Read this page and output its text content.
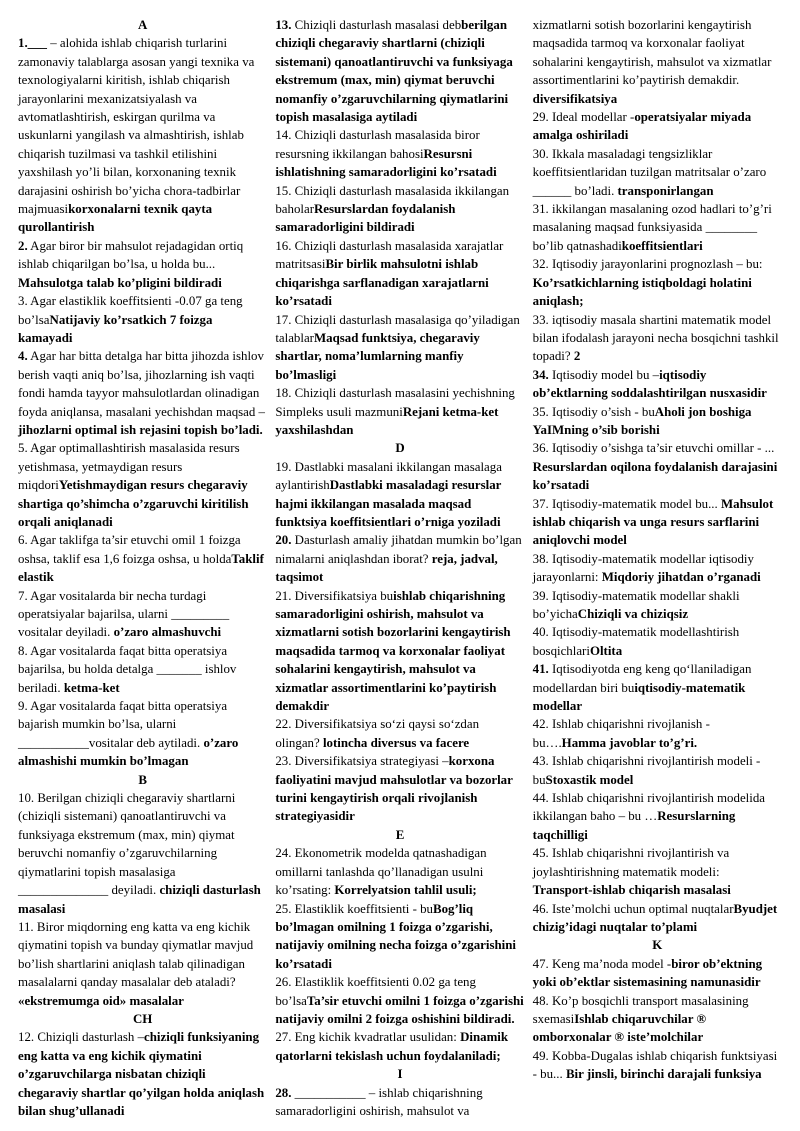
A

1.___ – alohida ishlab chiqarish turlarini zamonaviy talablarga asosan yangi texnika va texnologiyalarni kiritish, ishlab chiqarish jarayonlarini mexanizatsiyalash va avtomatlashtirish, eskirgan qurilma va uskunlarni yangilash va almashtirish, ishlab chiqarish tuzilmasi va tashkil etilishini yaxshilash yo’li bilan, korxonaning texnik darajasini oshirish bo’yicha chora-tadbirlar majmuasikorxonalarni texnik qayta qurollantirish

2. Agar biror bir mahsulot rejadagidan ortiq ishlab chiqarilgan bo’lsa, u holda bu... Mahsulotga talab ko’pligini bildiradi

3. Agar elastiklik koeffitsienti -0.07 ga teng bo’lsaNatijaviy ko’rsatkich 7 foizga kamayadi

4. Agar har bitta detalga har bitta jihozda ishlov berish vaqti aniq bo’lsa, jihozlarning ish vaqti fondi hamda tayyor mahsulotlardan olinadigan foyda aniqlansa, masalani yechishdan maqsad –jihozlarni optimal ish rejasini topish bo’ladi.

5. Agar optimallashtirish masalasida resurs yetishmasa, yetmaydigan resurs miqdoriYetishmaydigan resurs chegaraviy shartiga qo’shimcha o’zgaruvchi kiritilish orqali aniqlanadi

6. Agar taklifga ta’sir etuvchi omil 1 foizga oshsa, taklif esa 1,6 foizga oshsa, u holdaTaklif elastik

7. Agar vositalarda bir necha turdagi operatsiyalar bajarilsa, ularni _________ vositalar deyiladi. o’zaro almashuvchi

8. Agar vositalarda faqat bitta operatsiya bajarilsa, bu holda detalga _______ ishlov beriladi. ketma-ket

9. Agar vositalarda faqat bitta operatsiya bajarish mumkin bo’lsa, ularni ___________vositalar deb aytiladi. o’zaro almashishi mumkin bo’lmagan

B

10. Berilgan chiziqli chegaraviy shartlarni (chiziqli sistemani) qanoatlantiruvchi va funksiyaga ekstremum (max, min) qiymat beruvchi nomanfiy o’zgaruvchilarning qiymatlarini topish masalasiga ______________ deyiladi. chiziqli dasturlash masalasi

11. Biror miqdorning eng katta va eng kichik qiymatini topish va bunday qiymatlar mavjud bo’lish shartlarini aniqlash talab qilinadigan masalalarni qanday masalalar deb ataladi? «ekstremumga oid» masalalar

CH

12. Chiziqli dasturlash –chiziqli funksiyaning eng katta va eng kichik qiymatini o’zgaruvchilarga nisbatan chiziqli chegaraviy shartlar qo’yilgan holda aniqlash bilan shug’ullanadi

13. Chiziqli dasturlash masalasi debberilgan chiziqli chegaraviy shartlarni (chiziqli sistemani) qanoatlantiruvchi va funksiyaga ekstremum (max, min) qiymat beruvchi nomanfiy o’zgaruvchilarning qiymatlarini topish masalasiga aytiladi

14. Chiziqli dasturlash masalasida biror resursning ikkilangan bahosiResursni ishlatishning samaradorligini ko’rsatadi

15. Chiziqli dasturlash masalasida ikkilangan baholarResurslardan foydalanish samaradorligini bildiradi

16. Chiziqli dasturlash masalasida xarajatlar matritsasiBir birlik mahsulotni ishlab chiqarishga sarflanadigan xarajatlarni ko’rsatadi

17. Chiziqli dasturlash masalasiga qo’yiladigan talablarMaqsad funktsiya, chegaraviy shartlar, noma’lumlarning manfiy bo’lmasligi

18. Chiziqli dasturlash masalasini yechishning Simpleks usuli mazmuniRejani ketma-ket yaxshilashdan

D

19. Dastlabki masalani ikkilangan masalaga aylantirishDastlabki masaladagi resurslar hajmi ikkilangan masalada maqsad funktsiya koeffitsientlari o’rniga yoziladi

20. Dasturlash amaliy jihatdan mumkin bo’lgan nimalarni aniqlashdan iborat? reja, jadval, taqsimot

21. Diversifikatsiya buishlab chiqarishning samaradorligini oshirish, mahsulot va xizmatlarni sotish bozorlarini kengaytirish maqsadida tarmoq va korxonalar faoliyat sohalarini kengaytirish, mahsulot va xizmatlar assortimentlarini ko’paytirish demakdir

22. Diversifikatsiya so‘zi qaysi so‘zdan olingan? lotincha diversus va facere

23. Diversifikatsiya strategiyasi –korxona faoliyatini mavjud mahsulotlar va bozorlar turini kengaytirish orqali rivojlanish strategiyasidir

E

24. Ekonometrik modelda qatnashadigan omillarni tanlashda qo’llanadigan usulni ko’rsating: Korrelyatsion tahlil usuli;

25. Elastiklik koeffitsienti - buBog’liq bo’lmagan omilning 1 foizga o’zgarishi, natijaviy omilning necha foizga o’zgarishini ko’rsatadi

26. Elastiklik koeffitsienti 0.02 ga teng bo’lsaTa’sir etuvchi omilni 1 foizga o’zgarishi natijaviy omilni 2 foizga oshishini bildiradi.

27. Eng kichik kvadratlar usulidan: Dinamik qatorlarni tekislash uchun foydalaniladi;

I

28. ___________ – ishlab chiqarishning samaradorligini oshirish, mahsulot va

xizmatlarni sotish bozorlarini kengaytirish maqsadida tarmoq va korxonalar faoliyat sohalarini kengaytirish, mahsulot va xizmatlar assortimentlarini ko’paytirish demakdir. diversifikatsiya

29. Ideal modellar -operatsiyalar miyada amalga oshiriladi

30. Ikkala masaladagi tengsizliklar koeffitsientlaridan tuzilgan matritsalar o’zaro ______ bo’ladi. transponirlangan

31. ikkilangan masalaning ozod hadlari to’g’ri masalaning maqsad funksiyasida ________ bo’lib qatnashadikoeffitsientlari

32. Iqtisodiy jarayonlarini prognozlash – bu: Ko’rsatkichlarning istiqboldagi holatini aniqlash;

33. iqtisodiy masala shartini matematik model bilan ifodalash jarayoni necha bosqichni tashkil topadi? 2

34. Iqtisodiy model bu –iqtisodiy ob’ektlarning soddalashtirilgan nusxasidir

35. Iqtisodiy o’sish - buAholi jon boshiga YaIMning o’sib borishi

36. Iqtisodiy o’sishga ta’sir etuvchi omillar - ... Resurslardan oqilona foydalanish darajasini ko’rsatadi

37. Iqtisodiy-matematik model bu... Mahsulot ishlab chiqarish va unga resurs sarflarini aniqlovchi model

38. Iqtisodiy-matematik modellar iqtisodiy jarayonlarni: Miqdoriy jihatdan o’rganadi

39. Iqtisodiy-matematik modellar shakli bo’yichaChiziqli va chiziqsiz

40. Iqtisodiy-matematik modellashtirish bosqichlariOltita

41. Iqtisodiyotda eng keng qo‘llaniladigan modellardan biri buiqtisodiy-matematik modellar

42. Ishlab chiqarishni rivojlanish - bu….Hamma javoblar to’g’ri.

43. Ishlab chiqarishni rivojlantirish modeli - buStoxastik model

44. Ishlab chiqarishni rivojlantirish modelida ikkilangan baho – bu …Resurslarning taqchilligi

45. Ishlab chiqarishni rivojlantirish va joylashtirishning matematik modeli: Transport-ishlab chiqarish masalasi

46. Iste’molchi uchun optimal nuqtalarByudjet chizig’idagi nuqtalar to’plami

K

47. Keng ma’noda model -biror ob’ektning yoki ob’ektlar sistemasining namunasidir

48. Ko’p bosqichli transport masalasining sxemasiIshlab chiqaruvchilar ® omborxonalar ® iste’molchilar

49. Kobba-Dugalas ishlab chiqarish funktsiyasi - bu... Bir jinsli, birinchi darajali funksiya
